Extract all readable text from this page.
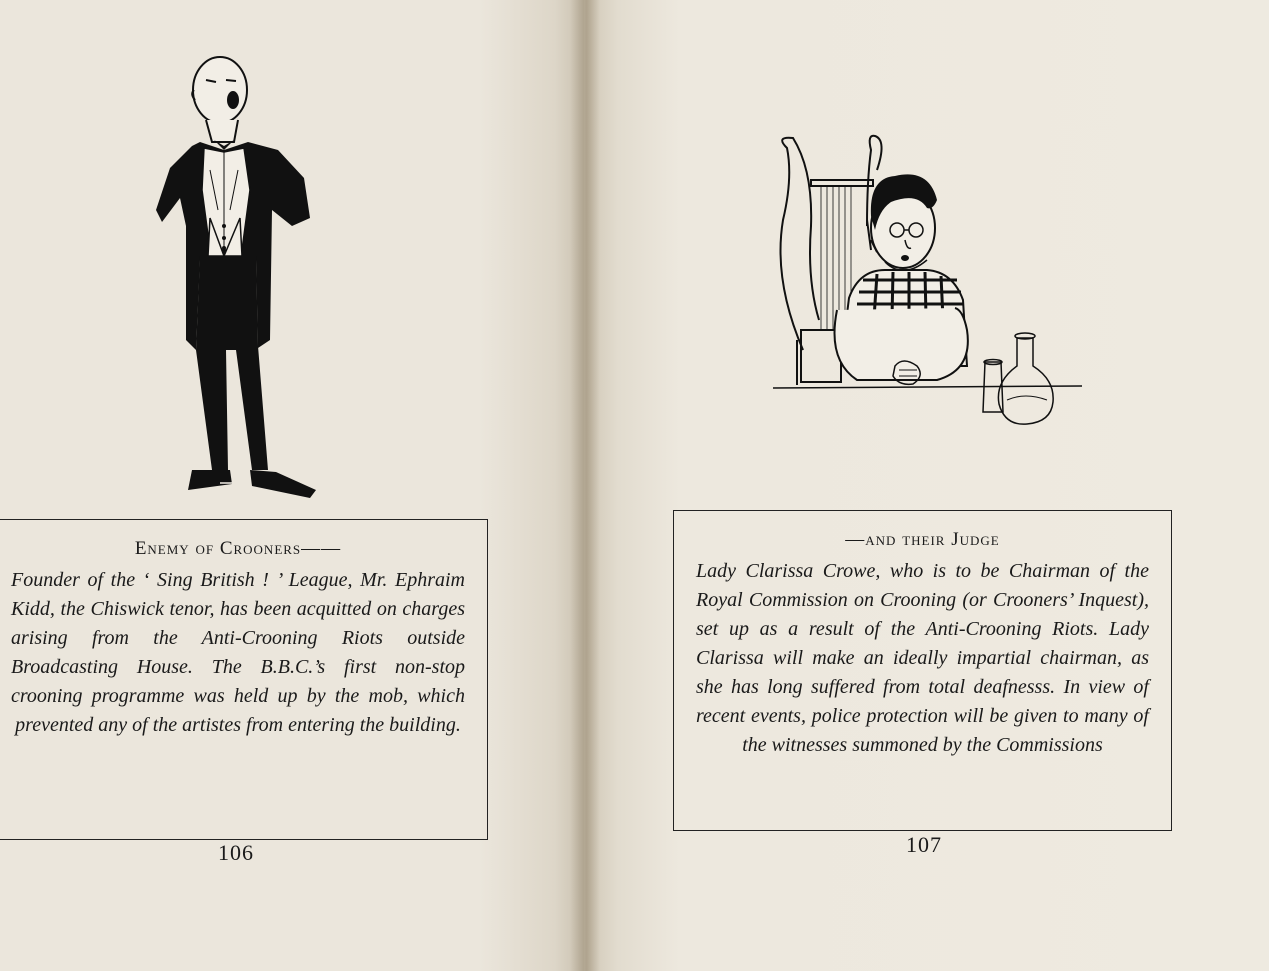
Enemy of Crooners——

Founder of the ‘ Sing British ! ’ League, Mr. Ephraim Kidd, the Chiswick tenor, has been acquitted on charges arising from the Anti-Crooning Riots outside Broadcasting House. The B.B.C.’s first non-stop crooning programme was held up by the mob, which prevented any of the artistes from entering the building.

106

—and their Judge

Lady Clarissa Crowe, who is to be Chairman of the Royal Commission on Crooning (or Crooners’ Inquest), set up as a result of the Anti-Crooning Riots. Lady Clarissa will make an ideally impartial chairman, as she has long suffered from total deafnesss. In view of recent events, police protection will be given to many of the witnesses summoned by the Commissions

107
